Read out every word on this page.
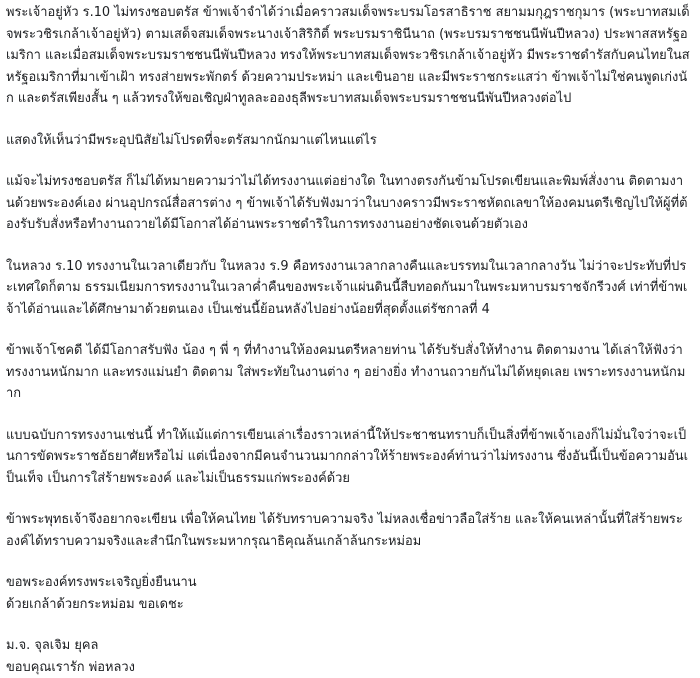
พระเจ้าอยู่หัว ร.10 ไม่ทรงชอบตรัส ข้าพเจ้าจำได้ว่าเมื่อคราวสมเด็จพระบรมโอรสาธิราช สยามมกุฎราชกุมาร (พระบาทสมเด็จพระวชิรเกล้าเจ้าอยู่หัว) ตามเสด็จสมเด็จพระนางเจ้าสิริกิติ์ พระบรมราชินีนาถ (พระบรมราชชนนีพันปีหลวง) ประพาสสหรัฐอเมริกา และเมื่อสมเด็จพระบรมราชชนนีพันปีหลวง ทรงให้พระบาทสมเด็จพระวชิรเกล้าเจ้าอยู่หัว มีพระราชดำรัสกับคนไทยในสหรัฐอเมริกาที่มาเข้าเฝ้า ทรงส่ายพระพักตร์ ด้วยความประหม่า และเขินอาย และมีพระราชกระแสว่า ข้าพเจ้าไม่ใช่คนพูดเก่งนัก และตรัสเพียงสั้น ๆ แล้วทรงให้ขอเชิญฝ่าทูลละอองธุลีพระบาทสมเด็จพระบรมราชชนนีพันปีหลวงต่อไป

แสดงให้เห็นว่ามีพระอุปนิสัยไม่โปรดที่จะตรัสมากนักมาแต่ไหนแต่ไร

แม้จะไม่ทรงชอบตรัส ก็ไม่ได้หมายความว่าไม่ได้ทรงงานแต่อย่างใด ในทางตรงกันข้ามโปรดเขียนและพิมพ์สั่งงาน ติดตามงานด้วยพระองค์เอง ผ่านอุปกรณ์สื่อสารต่าง ๆ ข้าพเจ้าได้รับฟังมาว่าในบางคราวมีพระราชหัตถเลขาให้องคมนตรีเชิญไปให้ผู้ที่ต้องรับรับสั่งหรือทำงานถวายได้มีโอกาสได้อ่านพระราชดำริในการทรงงานอย่างชัดเจนด้วยตัวเอง

ในหลวง ร.10 ทรงงานในเวลาเดียวกับ ในหลวง ร.9 คือทรงงานเวลากลางคืนและบรรทมในเวลากลางวัน ไม่ว่าจะประทับที่ประเทศใดก็ตาม ธรรมเนียมการทรงงานในเวลาค่ำคืนของพระเจ้าแผ่นดินนี้สืบทอดกันมาในพระมหาบรมราชจักรีวงศ์ เท่าที่ข้าพเจ้าได้อ่านและได้ศึกษามาด้วยตนเอง เป็นเช่นนี้ย้อนหลังไปอย่างน้อยที่สุดตั้งแต่รัชกาลที่ 4

ข้าพเจ้าโชคดี ได้มีโอกาสรับฟัง น้อง ๆ พี่ ๆ ที่ทำงานให้องคมนตรีหลายท่าน ได้รับรับสั่งให้ทำงาน ติดตามงาน ได้เล่าให้ฟังว่า ทรงงานหนักมาก และทรงแม่นยำ ติดตาม ใส่พระทัยในงานต่าง ๆ อย่างยิ่ง ทำงานถวายกันไม่ได้หยุดเลย เพราะทรงงานหนักมาก

แบบฉบับการทรงงานเช่นนี้ ทำให้แม้แต่การเขียนเล่าเรื่องราวเหล่านี้ให้ประชาชนทราบก็เป็นสิ่งที่ข้าพเจ้าเองก็ไม่มั่นใจว่าจะเป็นการขัดพระราชอัธยาศัยหรือไม่ แต่เนื่องจากมีคนจำนวนมากกล่าวให้ร้ายพระองค์ท่านว่าไม่ทรงงาน ซึ่งอันนี้เป็นข้อความอันเป็นเท็จ เป็นการใส่ร้ายพระองค์ และไม่เป็นธรรมแก่พระองค์ด้วย

ข้าพระพุทธเจ้าจึงอยากจะเขียน เพื่อให้คนไทย ได้รับทราบความจริง ไม่หลงเชื่อข่าวลือใส่ร้าย และให้คนเหล่านั้นที่ใส่ร้ายพระองค์ได้ทราบความจริงและสำนึกในพระมหากรุณาธิคุณล้นเกล้าล้นกระหม่อม

ขอพระองค์ทรงพระเจริญยิ่งยืนนาน
ด้วยเกล้าด้วยกระหม่อม ขอเดชะ

ม.จ. จุลเจิม ยุคล
ขอบคุณเรารัก พ่อหลวง
